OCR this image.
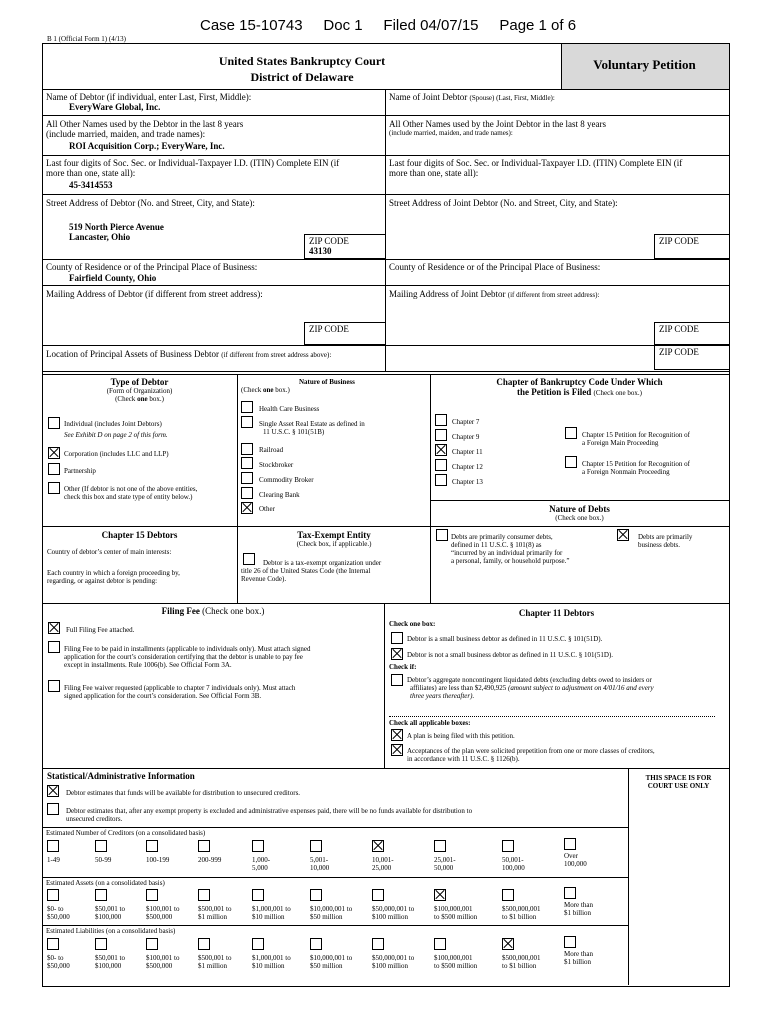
Case 15-10743     Doc 1     Filed 04/07/15     Page 1 of 6
B 1 (Official Form 1) (4/13)
United States Bankruptcy Court
District of Delaware
Voluntary Petition
Name of Debtor (if individual, enter Last, First, Middle):
EveryWare Global, Inc.
Name of Joint Debtor (Spouse) (Last, First, Middle):
All Other Names used by the Debtor in the last 8 years
(include married, maiden, and trade names):
ROI Acquisition Corp.; EveryWare, Inc.
All Other Names used by the Joint Debtor in the last 8 years
(include married, maiden, and trade names):
Last four digits of Soc. Sec. or Individual-Taxpayer I.D. (ITIN) Complete EIN (if
more than one, state all):
45-3414553
Last four digits of Soc. Sec. or Individual-Taxpayer I.D. (ITIN) Complete EIN (if
more than one, state all):
Street Address of Debtor (No. and Street, City, and State):
519 North Pierce Avenue
Lancaster, Ohio
Street Address of Joint Debtor (No. and Street, City, and State):
ZIP CODE
43130
ZIP CODE
County of Residence or of the Principal Place of Business:
Fairfield County, Ohio
County of Residence or of the Principal Place of Business:
Mailing Address of Debtor (if different from street address):	Mailing Address of Joint Debtor (if different from street address):
ZIP CODE	ZIP CODE
Location of Principal Assets of Business Debtor (if different from street address above):	ZIP CODE
Type of Debtor
(Form of Organization)
(Check one box.)
Individual (includes Joint Debtors)
See Exhibit D on page 2 of this form.
Corporation (includes LLC and LLP)
Partnership
Other (If debtor is not one of the above entities,
check this box and state type of entity below.)
Nature of Business
(Check one box.)
Health Care Business
Single Asset Real Estate as defined in
11 U.S.C. § 101(51B)
Railroad
Stockbroker
Commodity Broker
Clearing Bank
Other
Chapter of Bankruptcy Code Under Which
the Petition is Filed (Check one box.)
Chapter 7
Chapter 9
Chapter 11
Chapter 12
Chapter 13
Chapter 15 Petition for Recognition of
a Foreign Main Proceeding
Chapter 15 Petition for Recognition of
a Foreign Nonmain Proceeding
Nature of Debts
(Check one box.)
Debts are primarily consumer debts,
defined in 11 U.S.C. § 101(8) as
“incurred by an individual primarily for
a personal, family, or household purpose.”
Debts are primarily
business debts.
Chapter 15 Debtors
Country of debtor’s center of main interests:
Each country in which a foreign proceeding by,
regarding, or against debtor is pending:
Tax-Exempt Entity
(Check box, if applicable.)
Debtor is a tax-exempt organization under
title 26 of the United States Code (the Internal
Revenue Code).
Filing Fee (Check one box.)
Full Filing Fee attached.
Filing Fee to be paid in installments (applicable to individuals only). Must attach signed
application for the court’s consideration certifying that the debtor is unable to pay fee
except in installments. Rule 1006(b). See Official Form 3A.
Filing Fee waiver requested (applicable to chapter 7 individuals only). Must attach
signed application for the court’s consideration. See Official Form 3B.
Chapter 11 Debtors
Check one box:
Debtor is a small business debtor as defined in 11 U.S.C. § 101(51D).
Debtor is not a small business debtor as defined in 11 U.S.C. § 101(51D).
Check if:
Debtor’s aggregate noncontingent liquidated debts (excluding debts owed to insiders or
affiliates) are less than $2,490,925 (amount subject to adjustment on 4/01/16 and every
three years thereafter).
Check all applicable boxes:
A plan is being filed with this petition.
Acceptances of the plan were solicited prepetition from one or more classes of creditors,
in accordance with 11 U.S.C. § 1126(b).
Statistical/Administrative Information	THIS SPACE IS FOR
COURT USE ONLY
Debtor estimates that funds will be available for distribution to unsecured creditors.
Debtor estimates that, after any exempt property is excluded and administrative expenses paid, there will be no funds available for distribution to
unsecured creditors.
Estimated Number of Creditors (on a consolidated basis)
1-49	50-99	100-199	200-999	1,000-
5,000
5,001-
10,000
10,001-
25,000
25,001-
50,000
50,001-
100,000
Over
100,000
Estimated Assets (on a consolidated basis)
$0- to
$50,000
$50,001 to
$100,000
$100,001 to
$500,000
$500,001 to
$1 million
$1,000,001 to
$10 million
$10,000,001 to
$50 million
$50,000,001 to
$100 million
$100,000,001
to $500 million
$500,000,001
to $1 billion
More than
$1 billion
Estimated Liabilities (on a consolidated basis)
$0- to
$50,000
$50,001 to
$100,000
$100,001 to
$500,000
$500,001 to
$1 million
$1,000,001 to
$10 million
$10,000,001 to
$50 million
$50,000,001 to
$100 million
$100,000,001
to $500 million
$500,000,001
to $1 billion
More than
$1 billion
